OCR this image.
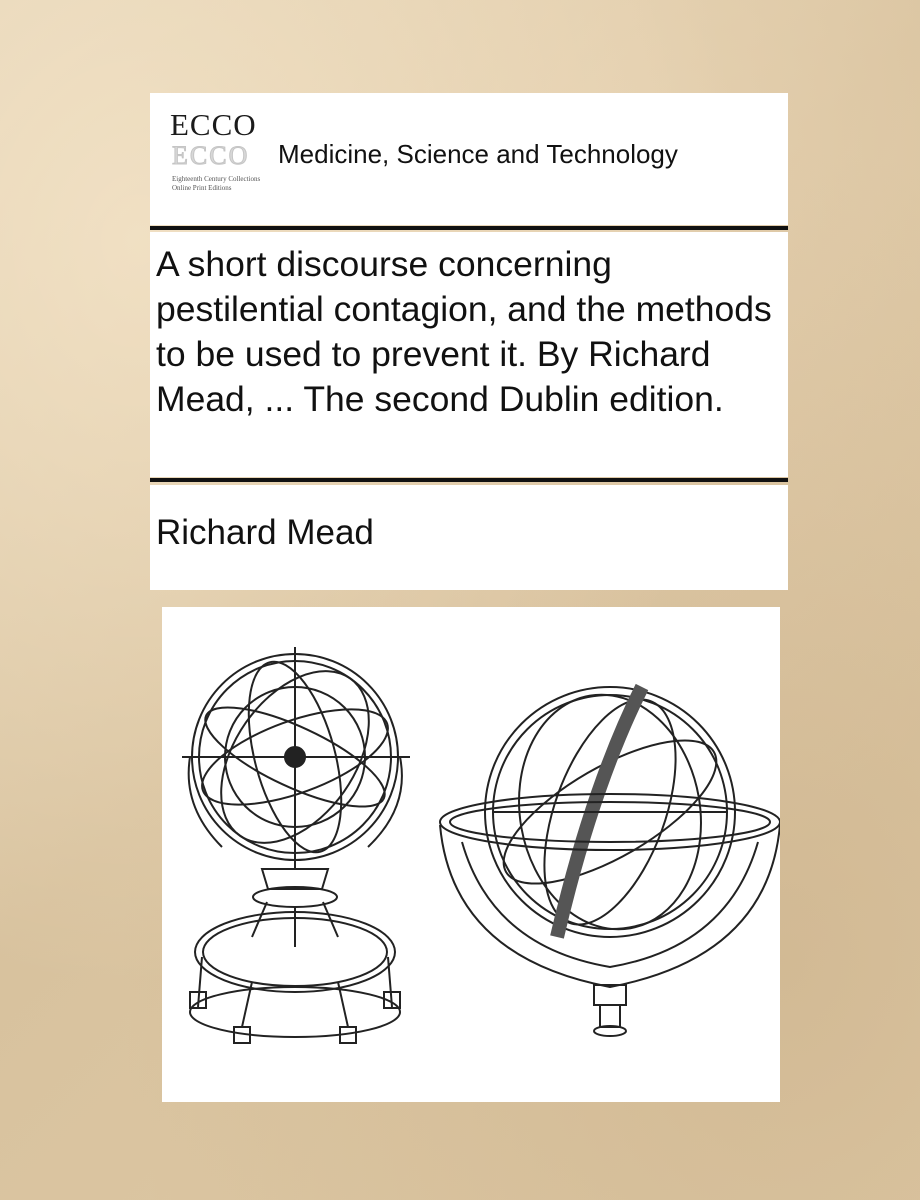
ECCO
ECCO
Eighteenth Century Collections Online Print Editions
Medicine, Science and Technology
A short discourse concerning pestilential contagion, and the methods to be used to prevent it. By Richard Mead, ... The second Dublin edition.
Richard Mead
